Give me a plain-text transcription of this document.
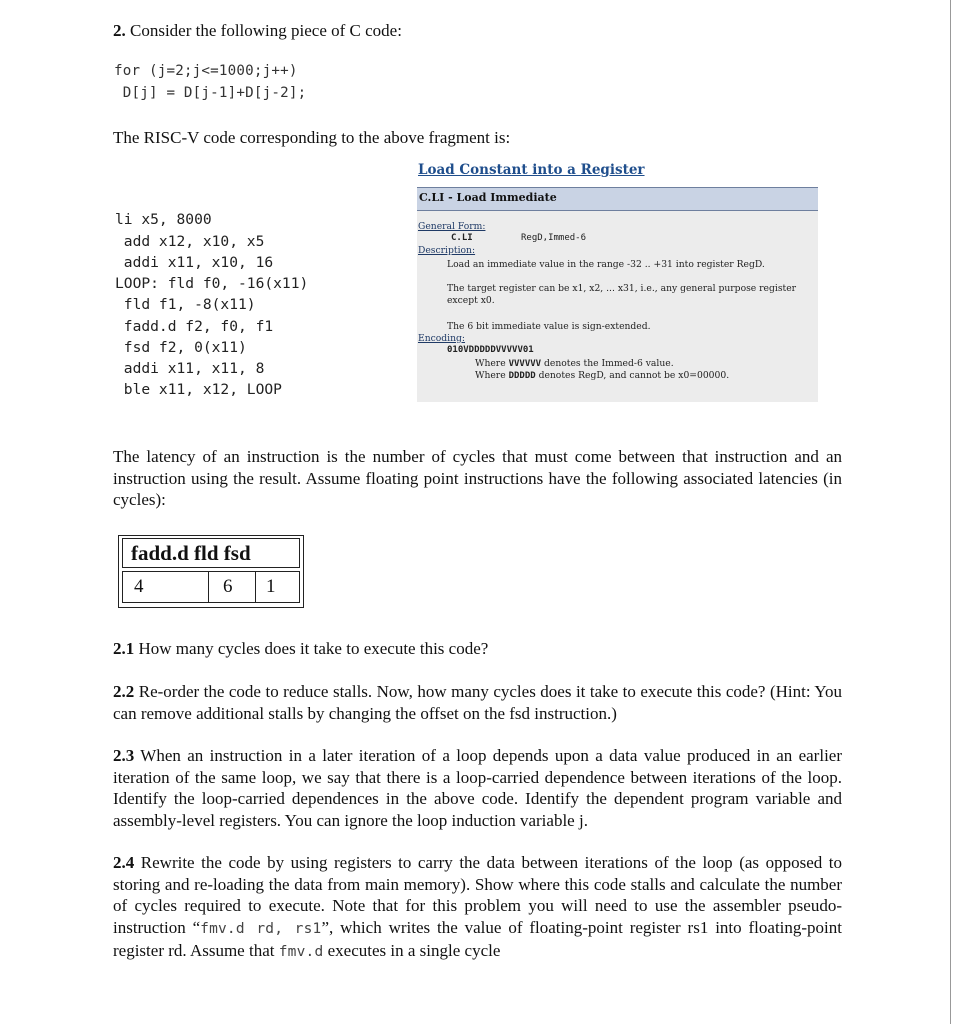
2. Consider the following piece of C code:
for (j=2;j<=1000;j++)
D[j] = D[j-1]+D[j-2];
The RISC-V code corresponding to the above fragment is:
li x5, 8000
add x12, x10, x5
addi x11, x10, 16
LOOP: fld f0, -16(x11)
fld f1, -8(x11)
fadd.d f2, f0, f1
fsd f2, 0(x11)
addi x11, x11, 8
ble x11, x12, LOOP
Load Constant into a Register
C.LI - Load Immediate
General Form:
C.LI	RegD,Immed-6
Description:
Load an immediate value in the range -32 .. +31 into register RegD.
The target register can be x1, x2, ... x31, i.e., any general purpose register
except x0.
The 6 bit immediate value is sign-extended.
Encoding:
010VDDDDDVVVVV01
Where VVVVVV denotes the Immed-6 value.
Where DDDDD denotes RegD, and cannot be x0=00000.
The latency of an instruction is the number of cycles that must come between that instruction and an instruction using the result. Assume floating point instructions have the following associated latencies (in cycles):
fadd.d fld fsd
4	6 1
2.1 How many cycles does it take to execute this code?
2.2 Re-order the code to reduce stalls. Now, how many cycles does it take to execute this code? (Hint: You can remove additional stalls by changing the offset on the fsd instruction.)
2.3 When an instruction in a later iteration of a loop depends upon a data value produced in an earlier iteration of the same loop, we say that there is a loop-carried dependence between iterations of the loop. Identify the loop-carried dependences in the above code. Identify the dependent program variable and assembly-level registers. You can ignore the loop induction variable j.
2.4 Rewrite the code by using registers to carry the data between iterations of the loop (as opposed to storing and re-loading the data from main memory). Show where this code stalls and calculate the number of cycles required to execute. Note that for this problem you will need to use the assembler pseudo-instruction “fmv.d rd, rs1”, which writes the value of floating-point register rs1 into floating-point register rd. Assume that fmv.d executes in a single cycle
